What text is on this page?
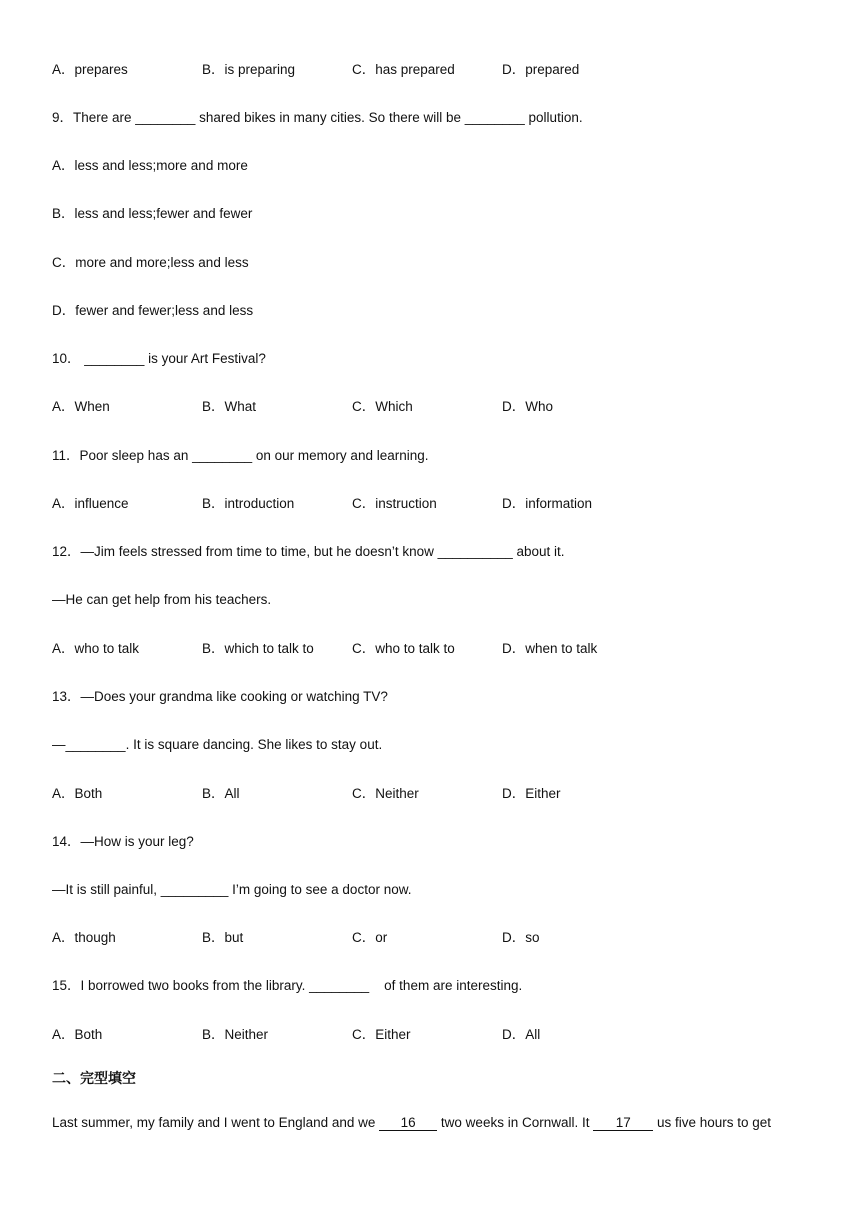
A．prepares	B．is preparing	C．has prepared	D．prepared
9．There are ________ shared bikes in many cities. So there will be ________ pollution.
A．less and less;more and more
B．less and less;fewer and fewer
C．more and more;less and less
D．fewer and fewer;less and less
10． ________ is your Art Festival?
A．When	B．What	C．Which	D．Who
11．Poor sleep has an ________ on our memory and learning.
A．influence	B．introduction	C．instruction	D．information
12．—Jim feels stressed from time to time, but he doesn’t know __________ about it.
—He can get help from his teachers.
A．who to talk	B．which to talk to	C．who to talk to	D．when to talk
13．—Does your grandma like cooking or watching TV?
—________. It is square dancing. She likes to stay out.
A．Both	B．All	C．Neither	D．Either
14．—How is your leg?
—It is still painful, _________ I’m going to see a doctor now.
A．though	B．but	C．or	D．so
15．I borrowed two books from the library. ________    of them are interesting.
A．Both	B．Neither	C．Either	D．All
二、完型填空
Last summer, my family and I went to England and we 16 two weeks in Cornwall. It 17 us five hours to get
